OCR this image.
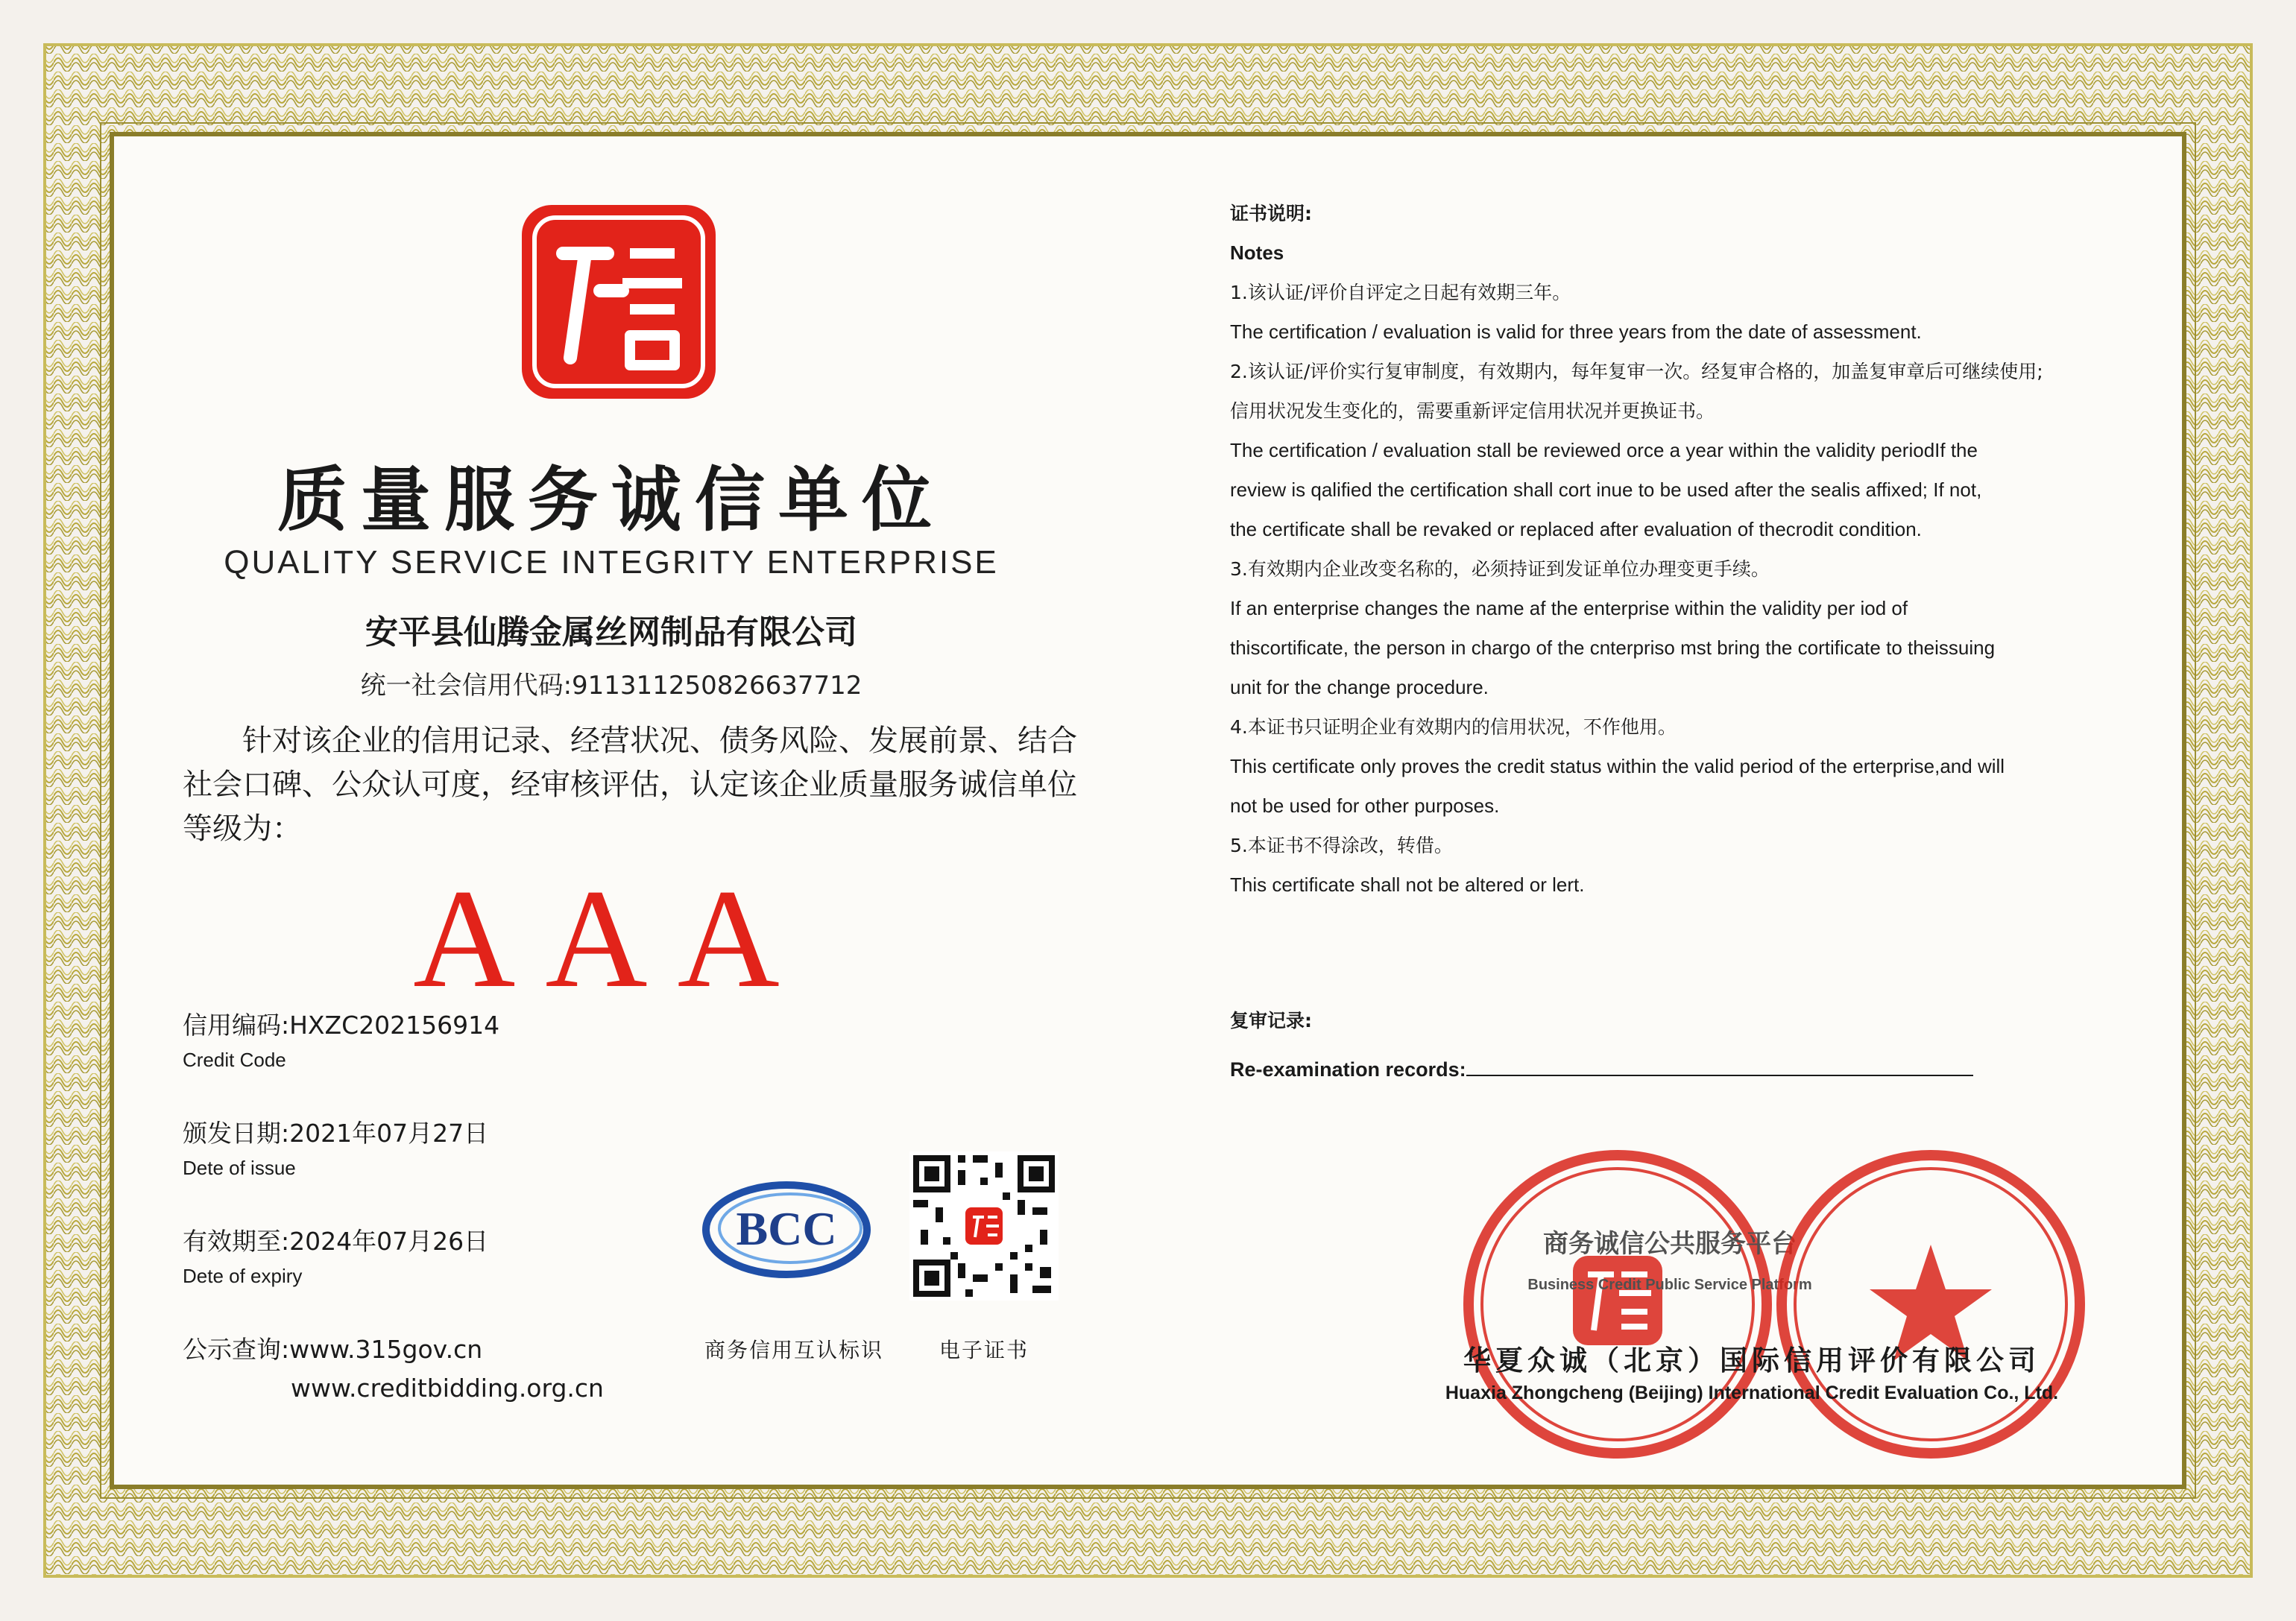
质量服务诚信单位
QUALITY SERVICE INTEGRITY ENTERPRISE
安平县仙腾金属丝网制品有限公司
统一社会信用代码:91131125082663​7712
针对该企业的信用记录、经营状况、债务风险、发展前景、结合社会口碑、公众认可度，经审核评估，认定该企业质量服务诚信单位等级为：
AAA
信用编码:HXZC202156914
Credit Code
颁发日期:2021年07月27日
Dete of issue
有效期至:2024年07月26日
Dete of expiry
公示查询:www.315gov.cn
www.creditbidding.org.cn
BCC
商务信用互认标识	电子证书

证书说明:

Notes

1.该认证/评价自评定之日起有效期三年。

The certification / evaluation is valid for three years from the date of assessment.

2.该认证/评价实行复审制度，有效期内，每年复审一次。经复审合格的，加盖复审章后可继续使用;

信用状况发生变化的，需要重新评定信用状况并更换证书。

The certification / evaluation stall be reviewed orce a year within the validity periodIf the

review is qalified the certification shall cort inue to be used after the sealis affixed; If not,

the certificate shall be revaked or replaced after evaluation of thecrodit condition.

3.有效期内企业改变名称的，必须持证到发证单位办理变更手续。

If an enterprise changes the name af the enterprise within the validity per iod of

thiscortificate, the person in chargo of the cnterpriso mst bring the cortificate to theissuing

unit for the change procedure.

4.本证书只证明企业有效期内的信用状况，不作他用。

This certificate only proves the credit status within the valid period of the erterprise,and will

not be used for other purposes.

5.本证书不得涂改，转借。

This certificate shall not be altered or lert.

复审记录:
Re-examination records:
商务诚信公共服务平台
Business Credit Public Service Platform
华夏众诚（北京）国际信用评价有限公司
Huaxia Zhongcheng (Beijing) International Credit Evaluation Co., Ltd.
